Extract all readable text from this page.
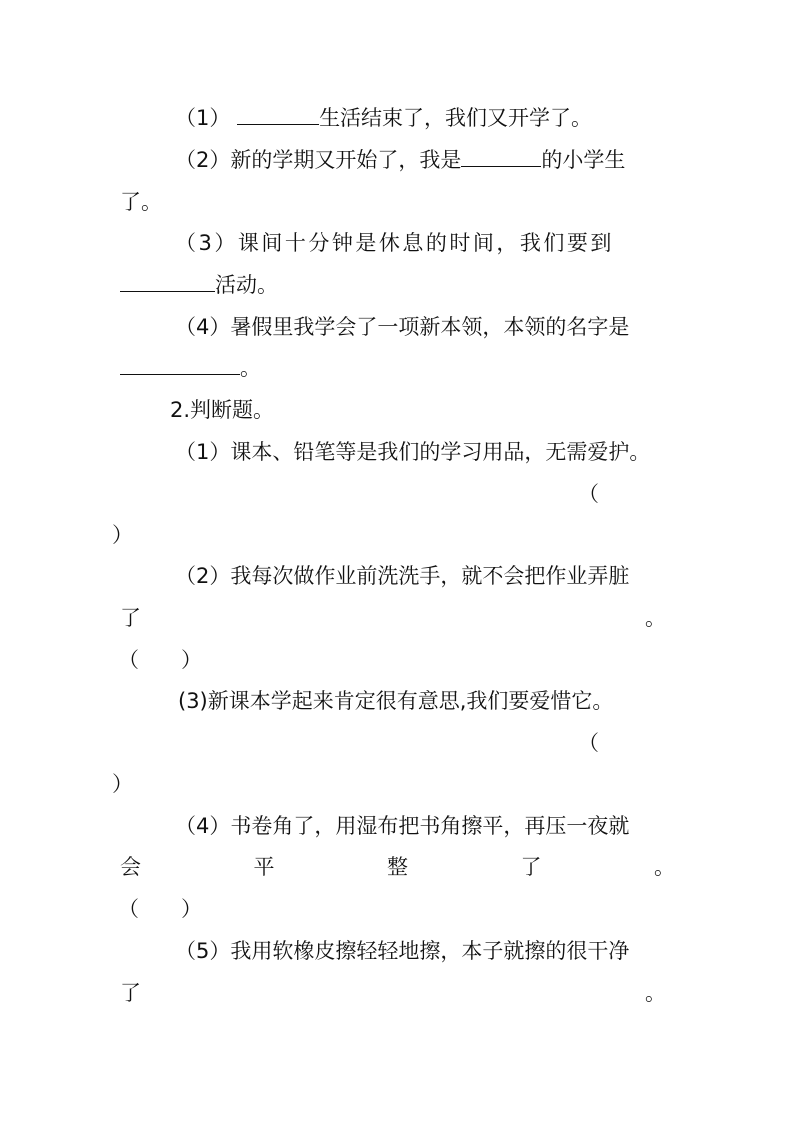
（1）	生活结束了，我们又开学了。
（2）新的学期又开始了，我是	的小学生
了。
（3）课间十分钟是休息的时间，我们要到
活动。
（4）暑假里我学会了一项新本领，本领的名字是
。
2.判断题。
（1）课本、铅笔等是我们的学习用品，无需爱护。
（
）
（2）我每次做作业前洗洗手，就不会把作业弄脏
了	。
（　　）
(3)新课本学起来肯定很有意思,我们要爱惜它。
（
）
（4）书卷角了，用湿布把书角擦平，再压一夜就
会	平	整	了	。
（　　）
（5）我用软橡皮擦轻轻地擦，本子就擦的很干净
了	。
